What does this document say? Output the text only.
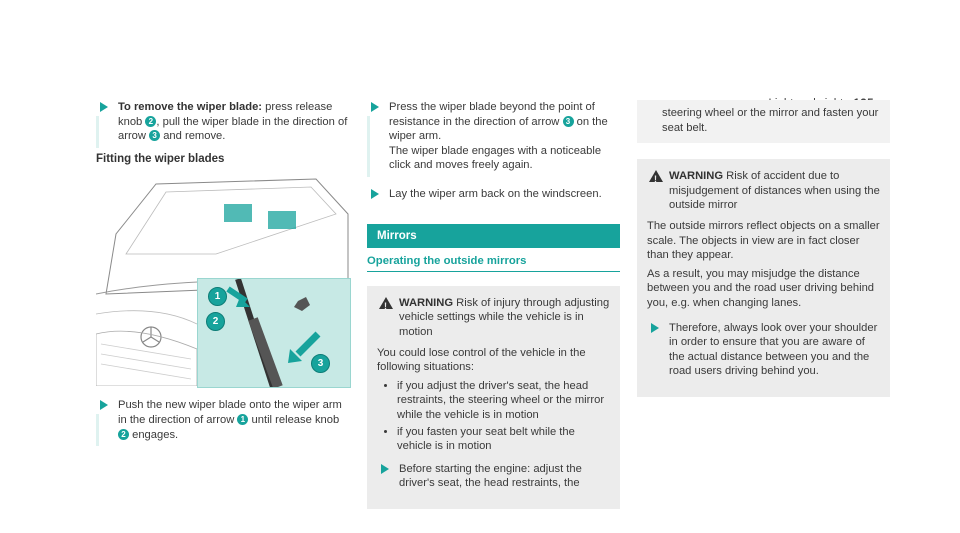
To remove the wiper blade: press release knob 2 , pull the wiper blade in the direction of arrow 3 and remove.
Fitting the wiper blades
1
2
3
Push the new wiper blade onto the wiper arm in the direction of arrow 1 until release knob 2 engages.
Press the wiper blade beyond the point of resistance in the direction of arrow 3 on the wiper arm.
The wiper blade engages with a noticeable click and moves freely again.
Lay the wiper arm back on the windscreen.
Mirrors
Operating the outside mirrors
!
WARNING Risk of injury through adjusting vehicle settings while the vehicle is in motion
You could lose control of the vehicle in the following situations:
• if you adjust the driver's seat, the head restraints, the steering wheel or the mirror while the vehicle is in motion
• if you fasten your seat belt while the vehicle is in motion
Before starting the engine: adjust the driver's seat, the head restraints, the
steering wheel or the mirror and fasten your seat belt.
!
WARNING Risk of accident due to misjudgement of distances when using the outside mirror
The outside mirrors reflect objects on a smaller scale. The objects in view are in fact closer than they appear.
As a result, you may misjudge the distance between you and the road user driving behind you, e.g. when changing lanes.
Therefore, always look over your shoulder in order to ensure that you are aware of the actual distance between you and the road users driving behind you.
